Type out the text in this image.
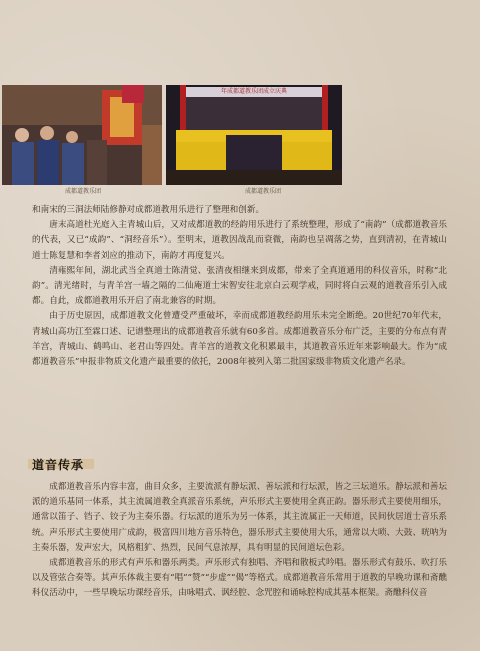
年成都道教乐团成立庆典
成都道教乐团	成都道教乐团

和南宋的三洞法师陆修静对成都道教用乐进行了整理和创新。

唐末高道杜光庭入主青城山后，又对成都道教的经韵用乐进行了系统整理，形成了“南韵”（成都道教音乐的代表，又已“成韵”、“洞经音乐”）。至明末，道教因战乱而衰微，南韵也呈凋落之势，直到清初，在青城山道士陈复慧和李者刘应的推动下，南韵才再度复兴。

清雍熙年间，湖北武当全真道士陈清觉、张清夜相继来到成都，带来了全真道通用的科仪音乐，时称“北韵”。清光绪时，与青羊宫一墙之隔的二仙庵道士宋智安往北京白云观学戒，同时将白云观的道教音乐引入成都。自此，成都道教用乐开启了南北兼容的时期。

由于历史原因，成都道教文化曾遭受严重破坏，幸而成都道教经韵用乐未完全断绝。20世纪70年代末，青城山高功江至霖口述、记谱整理出的成都道教音乐就有60多首。成都道教音乐分布广泛，主要的分布点有青羊宫，青城山、鹤鸣山、老君山等四处。青羊宫的道教文化积累最丰，其道教音乐近年来影响最大。作为“成都道教音乐”申报非物质文化遗产最重要的依托，2008年被列入第二批国家级非物质文化遗产名录。

道音传承

成都道教音乐内容丰富，曲目众多，主要流派有静坛派、善坛派和行坛派，皆之三坛道乐。静坛派和善坛派的道乐基同一体系，其主流属道教全真派音乐系统，声乐形式主要使用全真正韵。器乐形式主要使用细乐，通常以笛子、铛子、铰子为主奏乐器。行坛派的道乐为另一体系，其主流属正一天师道，民间伙居道士音乐系统。声乐形式主要使用广成韵，极富四川地方音乐特色，器乐形式主要使用大乐，通常以大唢、大鼓、咣呐为主奏乐器，发声宏大，风格粗犷、热烈，民间气息浓厚，具有明显的民间道坛色彩。

成都道教音乐的形式有声乐和器乐两类。声乐形式有独唱、齐唱和散板式吟唱。器乐形式有鼓乐、吹打乐以及管弦合奏等。其声乐体裁主要有“唱”“赞”“步虚”“偈”等格式。成都道教音乐常用于道教的早晚功课和斋醮科仪活动中，一些早晚坛功课经音乐，由咏唱式、讽经腔、念咒腔和诵咏腔构成其基本框架。斋醮科仪音
